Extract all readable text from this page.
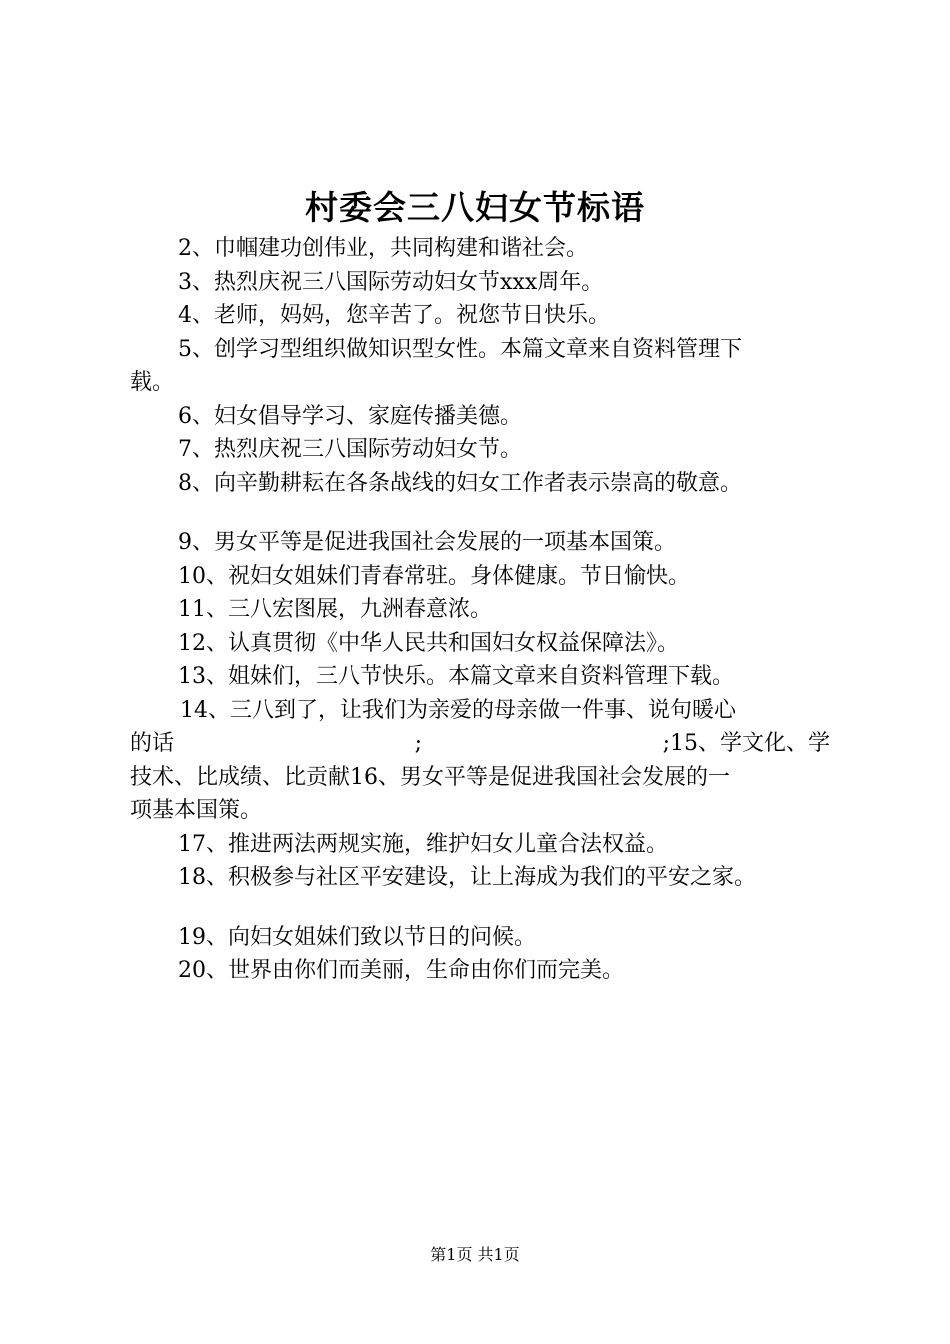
村委会三八妇女节标语

2、巾帼建功创伟业，共同构建和谐社会。

3、热烈庆祝三八国际劳动妇女节xxx周年。

4、老师，妈妈，您辛苦了。祝您节日快乐。

5、创学习型组织做知识型女性。本篇文章来自资料管理下

载。

6、妇女倡导学习、家庭传播美德。

7、热烈庆祝三八国际劳动妇女节。

8、向辛勤耕耘在各条战线的妇女工作者表示崇高的敬意。

9、男女平等是促进我国社会发展的一项基本国策。

10、祝妇女姐妹们青春常驻。身体健康。节日愉快。

11、三八宏图展，九洲春意浓。

12、认真贯彻《中华人民共和国妇女权益保障法》。

13、姐妹们，三八节快乐。本篇文章来自资料管理下载。

14、三八到了，让我们为亲爱的母亲做一件事、说句暖心

的话	;	;15、学文化、学

技术、比成绩、比贡献16、男女平等是促进我国社会发展的一

项基本国策。

17、推进两法两规实施，维护妇女儿童合法权益。

18、积极参与社区平安建设，让上海成为我们的平安之家。

19、向妇女姐妹们致以节日的问候。

20、世界由你们而美丽，生命由你们而完美。

第1页 共1页
